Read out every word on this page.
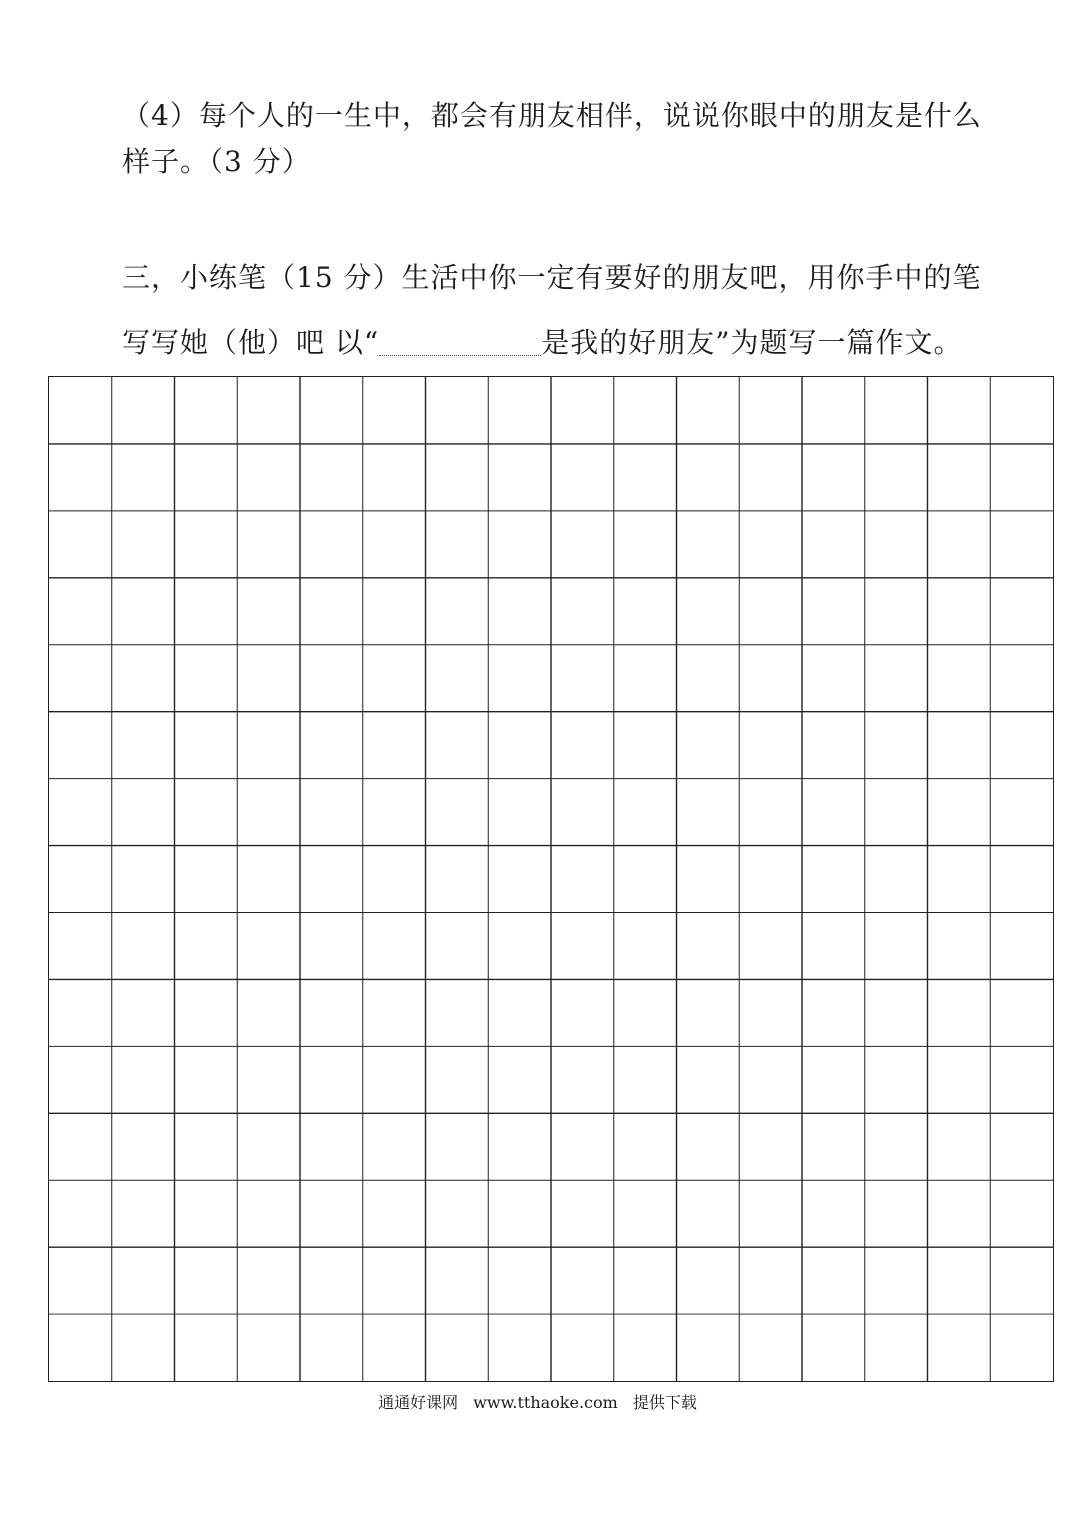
（4）每个人的一生中，都会有朋友相伴，说说你眼中的朋友是什么
样子。（3 分）
三，小练笔（15 分）生活中你一定有要好的朋友吧，用你手中的笔
写写她（他）吧 以“	是我的好朋友”为题写一篇作文。
通通好课网 www.tthaoke.com 提供下载
